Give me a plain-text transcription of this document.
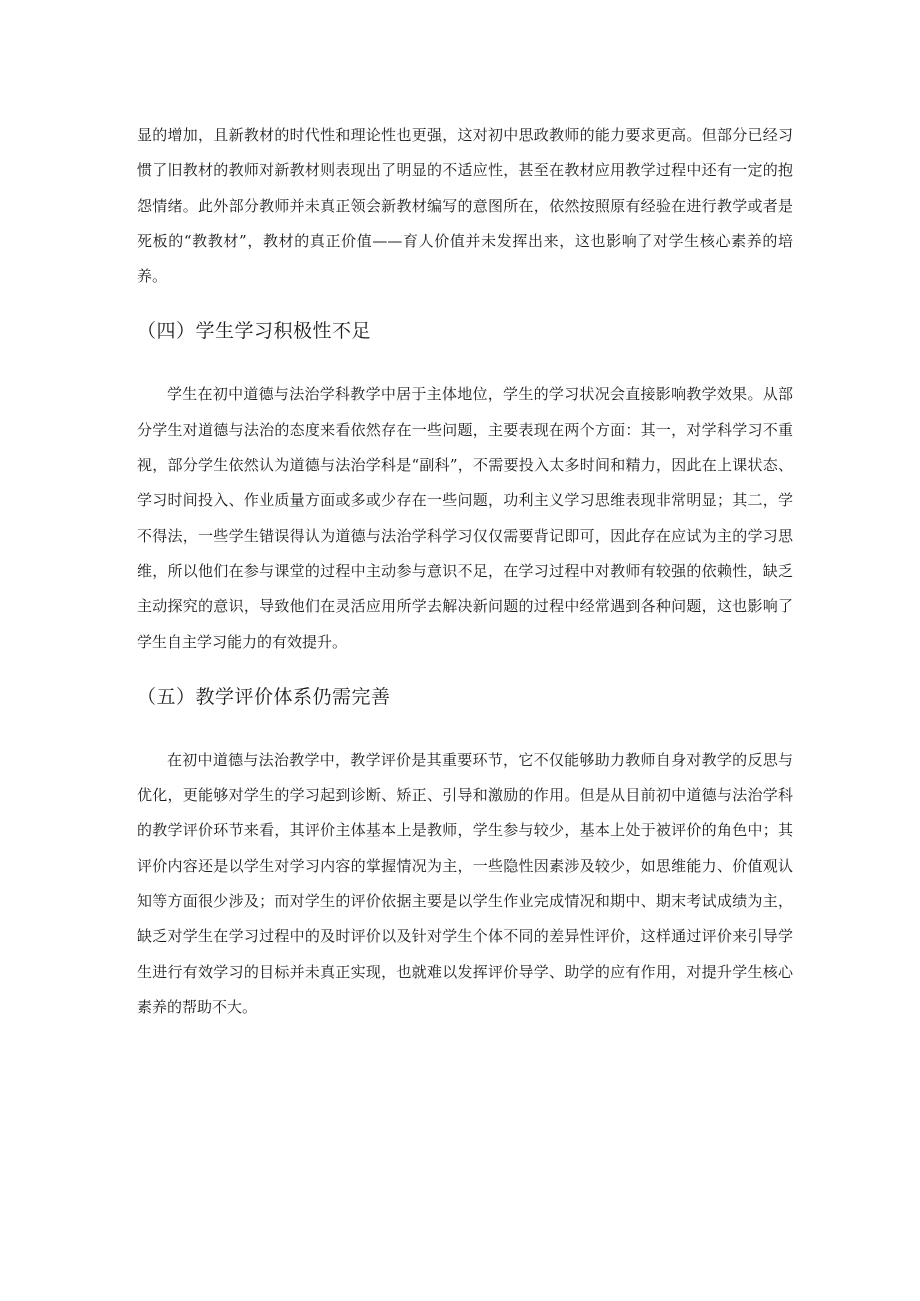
显的增加，且新教材的时代性和理论性也更强，这对初中思政教师的能力要求更高。但部分已经习惯了旧教材的教师对新教材则表现出了明显的不适应性，甚至在教材应用教学过程中还有一定的抱怨情绪。此外部分教师并未真正领会新教材编写的意图所在，依然按照原有经验在进行教学或者是死板的“教教材”，教材的真正价值——育人价值并未发挥出来，这也影响了对学生核心素养的培养。

（四）学生学习积极性不足

学生在初中道德与法治学科教学中居于主体地位，学生的学习状况会直接影响教学效果。从部分学生对道德与法治的态度来看依然存在一些问题，主要表现在两个方面：其一，对学科学习不重视，部分学生依然认为道德与法治学科是“副科”，不需要投入太多时间和精力，因此在上课状态、学习时间投入、作业质量方面或多或少存在一些问题，功利主义学习思维表现非常明显；其二，学不得法，一些学生错误得认为道德与法治学科学习仅仅需要背记即可，因此存在应试为主的学习思维，所以他们在参与课堂的过程中主动参与意识不足，在学习过程中对教师有较强的依赖性，缺乏主动探究的意识，导致他们在灵活应用所学去解决新问题的过程中经常遇到各种问题，这也影响了学生自主学习能力的有效提升。

（五）教学评价体系仍需完善

在初中道德与法治教学中，教学评价是其重要环节，它不仅能够助力教师自身对教学的反思与优化，更能够对学生的学习起到诊断、矫正、引导和激励的作用。但是从目前初中道德与法治学科的教学评价环节来看，其评价主体基本上是教师，学生参与较少，基本上处于被评价的角色中；其评价内容还是以学生对学习内容的掌握情况为主，一些隐性因素涉及较少，如思维能力、价值观认知等方面很少涉及；而对学生的评价依据主要是以学生作业完成情况和期中、期末考试成绩为主，缺乏对学生在学习过程中的及时评价以及针对学生个体不同的差异性评价，这样通过评价来引导学生进行有效学习的目标并未真正实现，也就难以发挥评价导学、助学的应有作用，对提升学生核心素养的帮助不大。
